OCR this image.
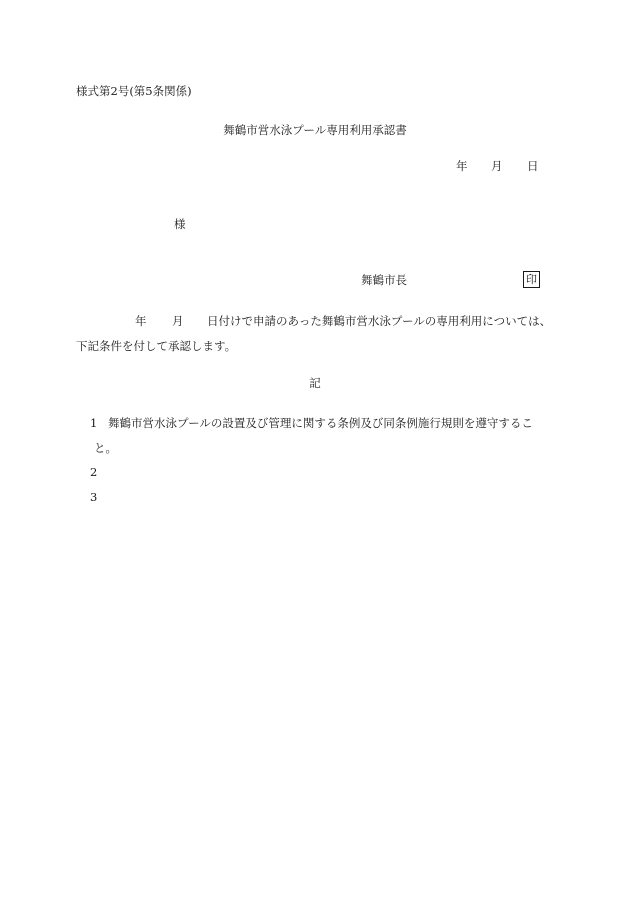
様式第2号(第5条関係)
舞鶴市営水泳プール専用利用承認書
年 月 日
様
舞鶴市長	印
年 月 日付けで申請のあった舞鶴市営水泳プールの専用利用については、
下記条件を付して承認します。
記
1 舞鶴市営水泳プールの設置及び管理に関する条例及び同条例施行規則を遵守するこ
と。
2
3
